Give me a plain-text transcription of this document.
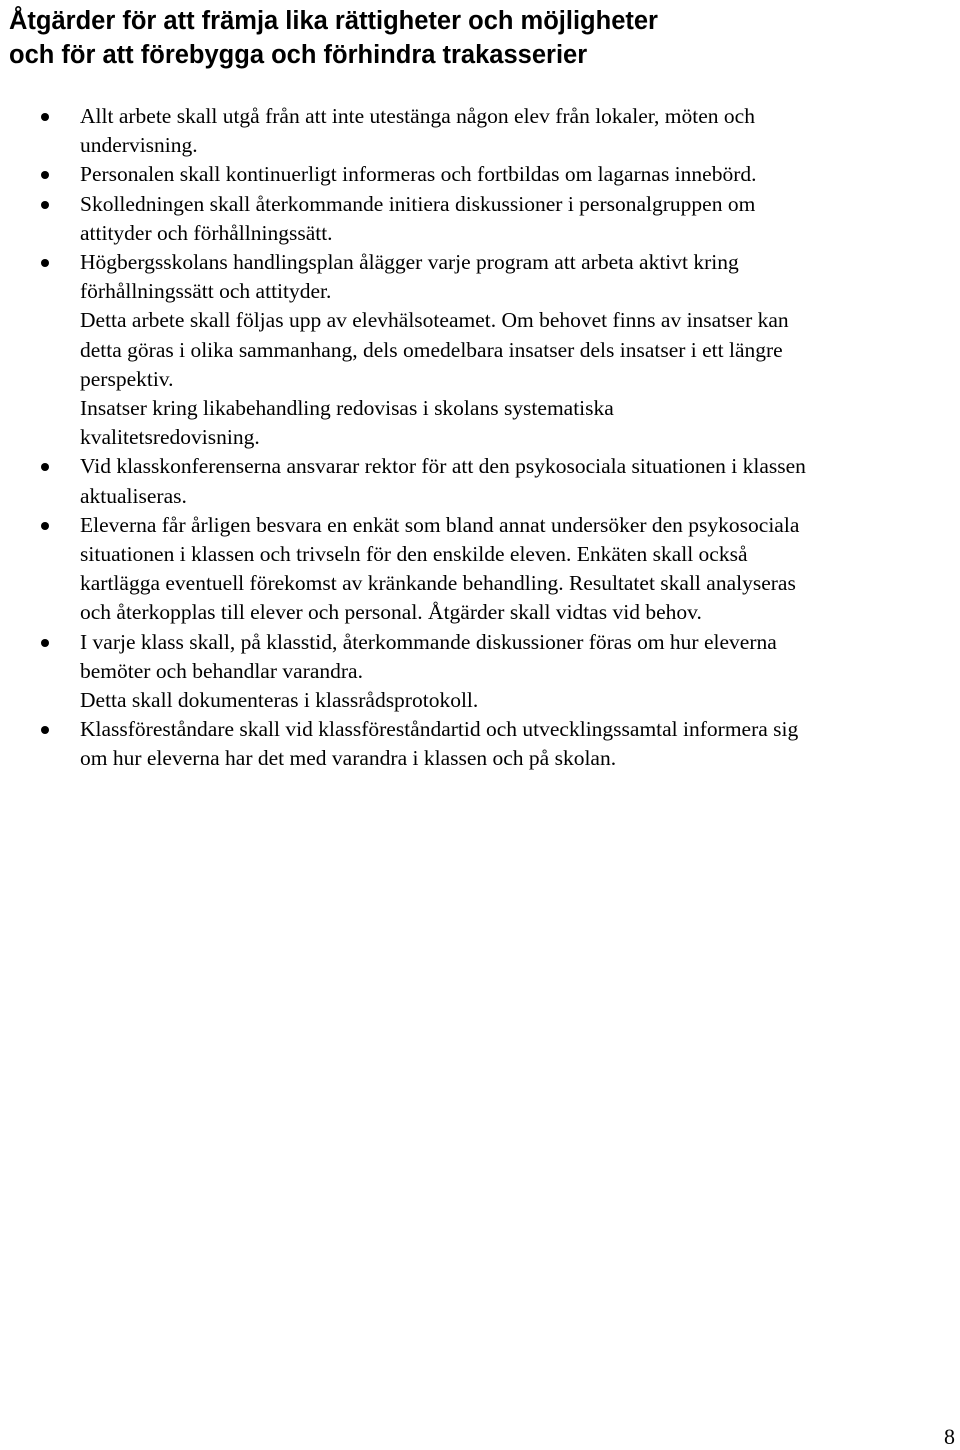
Åtgärder för att främja lika rättigheter och möjligheter
och för att förebygga och förhindra trakasserier
Allt arbete skall utgå från att inte utestänga någon elev från lokaler, möten och
undervisning.
Personalen skall kontinuerligt informeras och fortbildas om lagarnas innebörd.
Skolledningen skall återkommande initiera diskussioner i personalgruppen om
attityder och förhållningssätt.
Högbergsskolans handlingsplan ålägger varje program att arbeta aktivt kring
förhållningssätt och attityder.
Detta arbete skall följas upp av elevhälsoteamet. Om behovet finns av insatser kan
detta göras i olika sammanhang, dels omedelbara insatser dels insatser i ett längre
perspektiv.
Insatser kring likabehandling redovisas i skolans systematiska
kvalitetsredovisning.
Vid klasskonferenserna ansvarar rektor för att den psykosociala situationen i klassen
aktualiseras.
Eleverna får årligen besvara en enkät som bland annat undersöker den psykosociala
situationen i klassen och trivseln för den enskilde eleven. Enkäten skall också
kartlägga eventuell förekomst av kränkande behandling. Resultatet skall analyseras
och återkopplas till elever och personal. Åtgärder skall vidtas vid behov.
I varje klass skall, på klasstid, återkommande diskussioner föras om hur eleverna
bemöter och behandlar varandra.
Detta skall dokumenteras i klassrådsprotokoll.
Klassföreståndare skall vid klassföreståndartid och utvecklingssamtal informera sig
om hur eleverna har det med varandra i klassen och på skolan.
8
